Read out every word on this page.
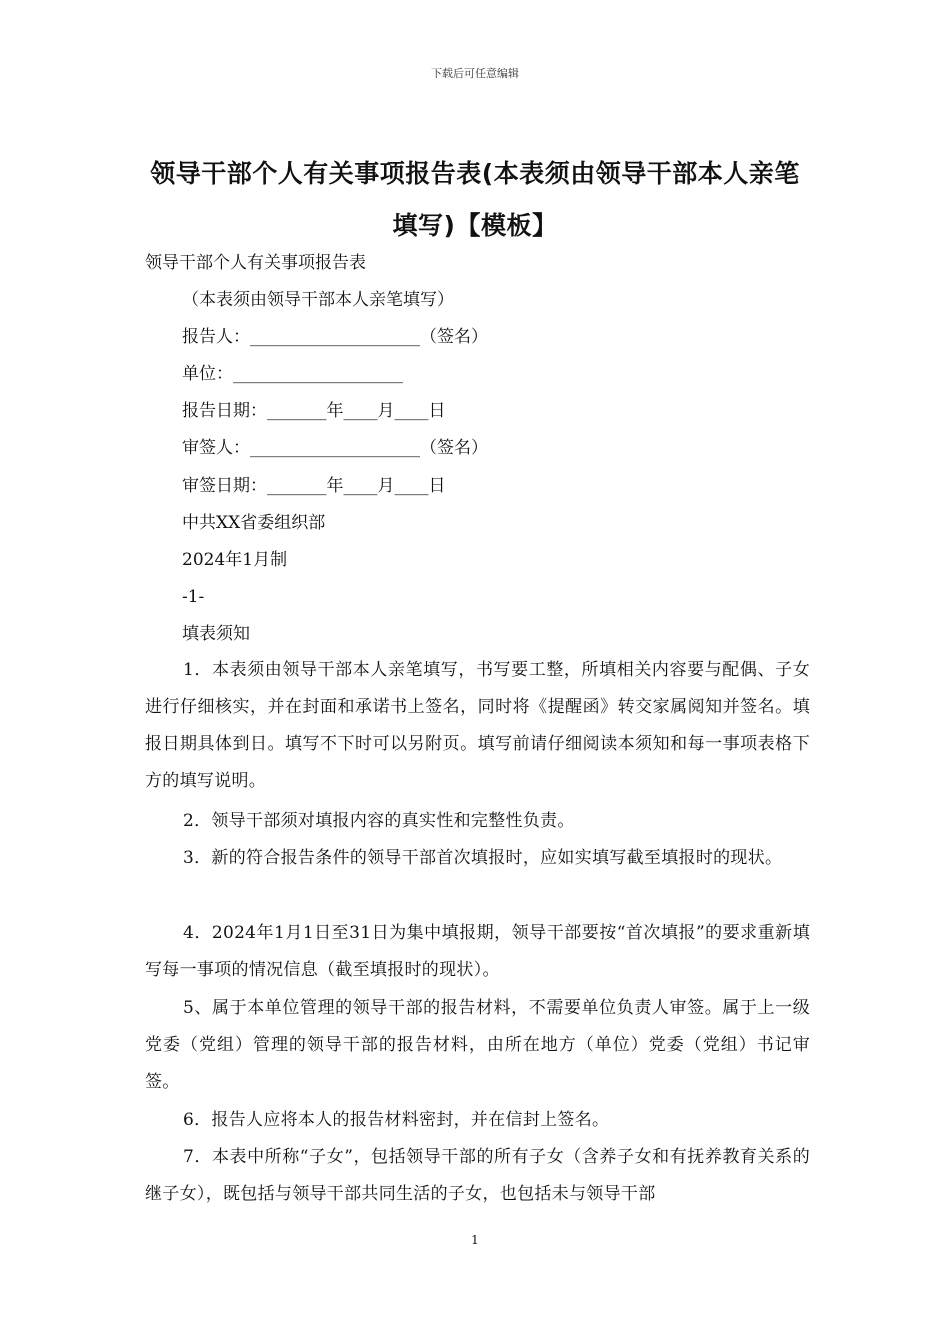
下载后可任意编辑
领导干部个人有关事项报告表(本表须由领导干部本人亲笔填写)【模板】
领导干部个人有关事项报告表
（本表须由领导干部本人亲笔填写）
报告人：____________________（签名）
单位：____________________
报告日期：_______年____月____日
审签人：____________________（签名）
审签日期：_______年____月____日
中共XX省委组织部
2024年1月制
-1-
填表须知
1．本表须由领导干部本人亲笔填写，书写要工整，所填相关内容要与配偶、子女进行仔细核实，并在封面和承诺书上签名，同时将《提醒函》转交家属阅知并签名。填报日期具体到日。填写不下时可以另附页。填写前请仔细阅读本须知和每一事项表格下方的填写说明。
2．领导干部须对填报内容的真实性和完整性负责。
3．新的符合报告条件的领导干部首次填报时，应如实填写截至填报时的现状。
4．2024年1月1日至31日为集中填报期，领导干部要按“首次填报”的要求重新填写每一事项的情况信息（截至填报时的现状）。
5、属于本单位管理的领导干部的报告材料，不需要单位负责人审签。属于上一级党委（党组）管理的领导干部的报告材料，由所在地方（单位）党委（党组）书记审签。
6．报告人应将本人的报告材料密封，并在信封上签名。
7．本表中所称“子女”，包括领导干部的所有子女（含养子女和有抚养教育关系的继子女），既包括与领导干部共同生活的子女，也包括未与领导干部
1
